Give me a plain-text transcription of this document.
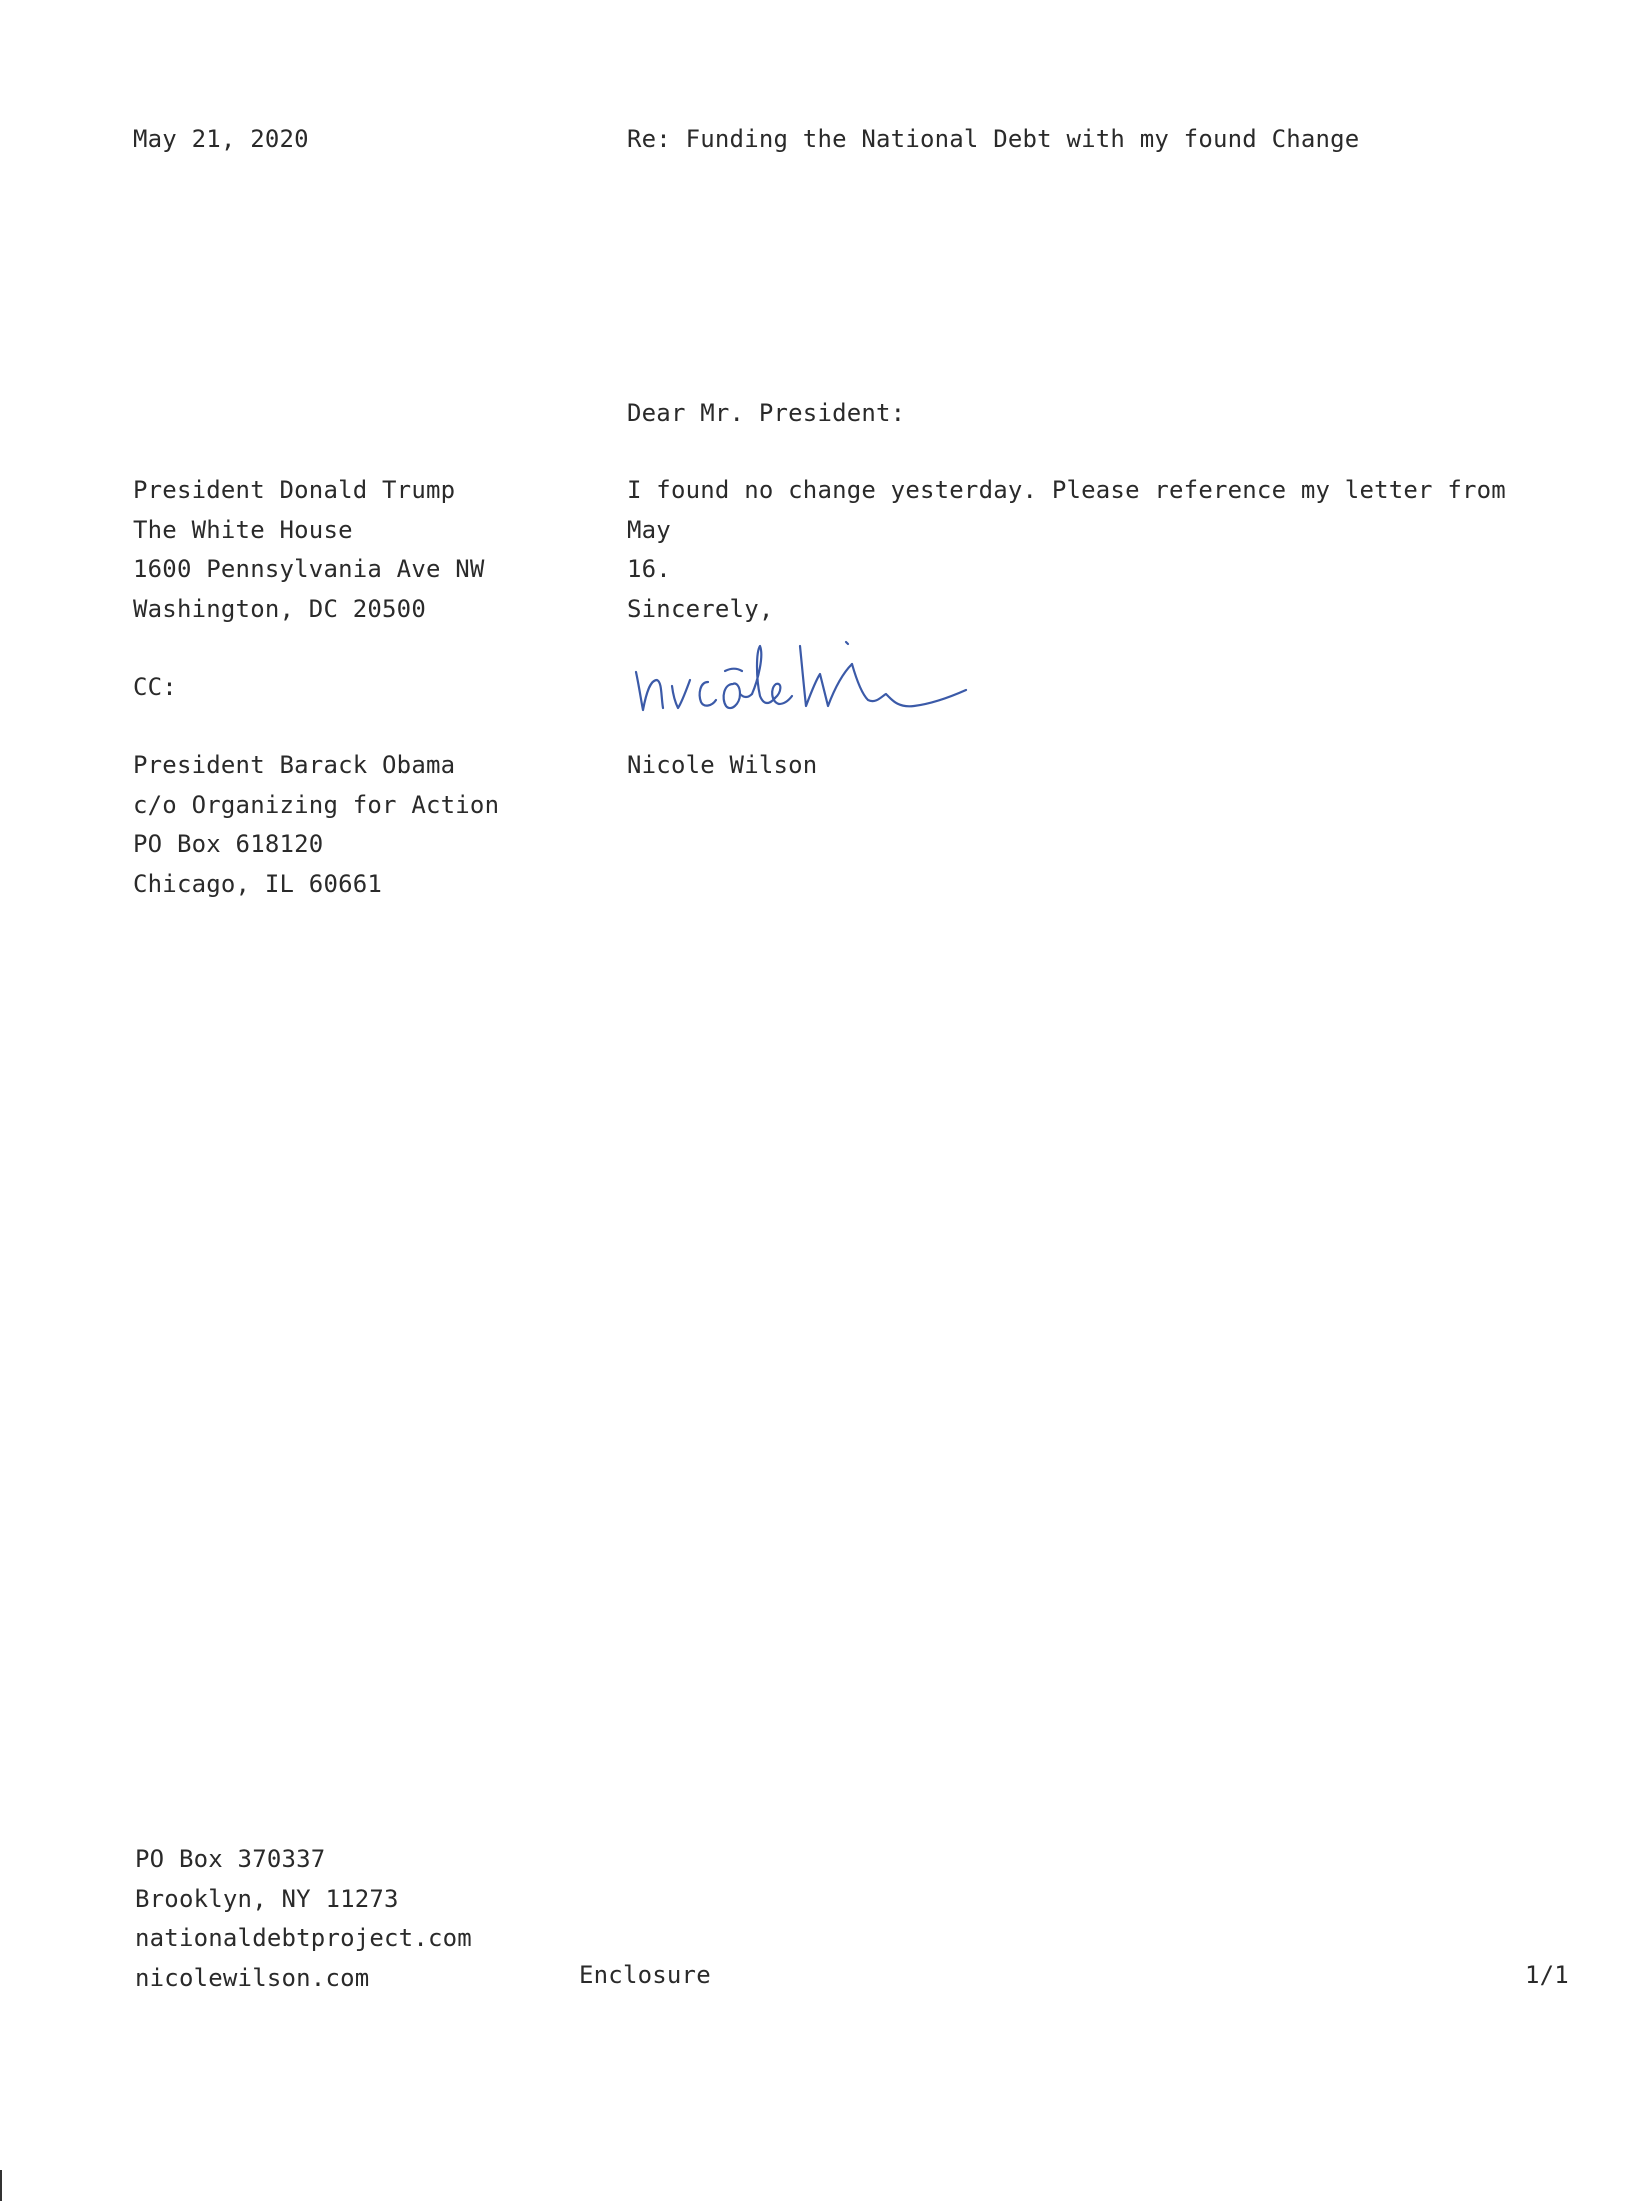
May 21, 2020	Re: Funding the National Debt with my found Change
Dear Mr. President:
President Donald Trump
The White House
1600 Pennsylvania Ave NW
Washington, DC 20500
I found no change yesterday. Please reference my letter from May
16.
Sincerely,
CC:
Nicole Wilson
President Barack Obama
c/o Organizing for Action
PO Box 618120
Chicago, IL 60661
PO Box 370337
Brooklyn, NY 11273
nationaldebtproject.com
nicolewilson.com	Enclosure	1/1
